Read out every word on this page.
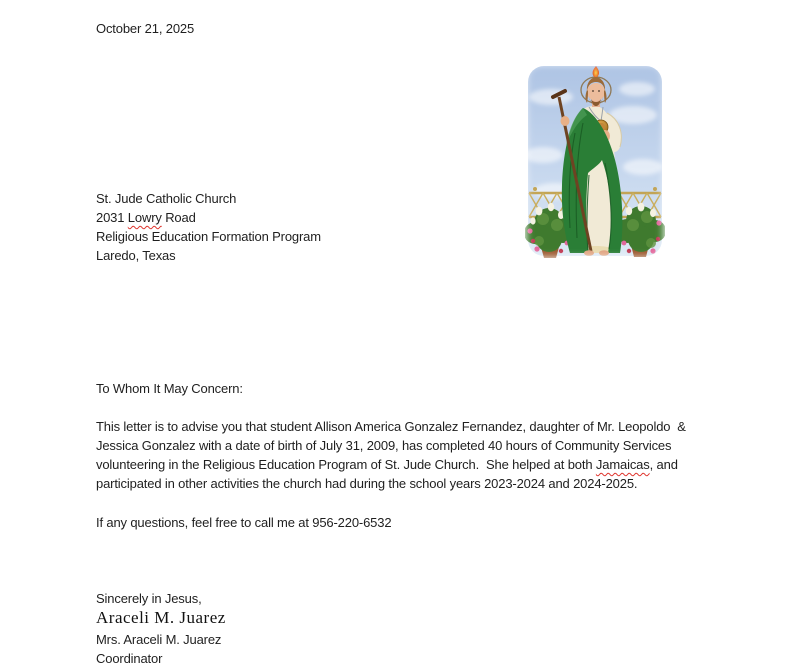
October 21, 2025
St. Jude Catholic Church
2031 Lowry Road
Religious Education Formation Program
Laredo, Texas
To Whom It May Concern:
This letter is to advise you that student Allison America Gonzalez Fernandez, daughter of Mr. Leopoldo  &
Jessica Gonzalez with a date of birth of July 31, 2009, has completed 40 hours of Community Services
volunteering in the Religious Education Program of St. Jude Church.  She helped at both Jamaicas, and
participated in other activities the church had during the school years 2023-2024 and 2024-2025.
If any questions, feel free to call me at 956-220-6532
Sincerely in Jesus,
Araceli M. Juarez
Mrs. Araceli M. Juarez
Coordinator
